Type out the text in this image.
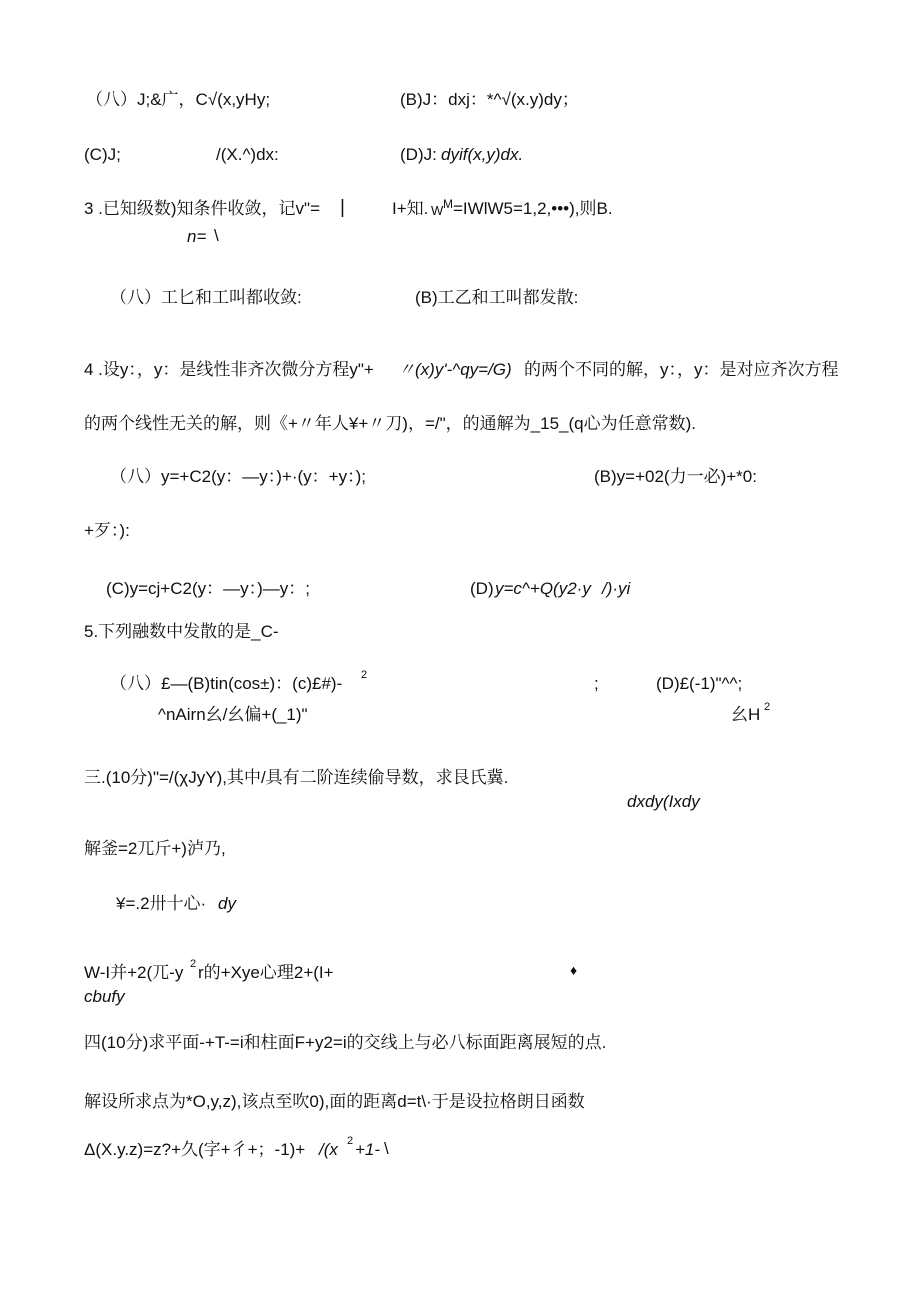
（八）J;&广，C√(x,yHy;	(B)J：dxj：*^√(x.y)dy；
(C)J;	/(X.^)dx:	(D)J: dyif(x,y)dx.
3 .已知级数)知条件收敛，记v"= |	I+知. W M =IWlW5=1,2,•••),则B.
n= \
（八）工匕和工叫都收敛:	(B)工乙和工叫都发散:
4 .设y：，y：是线性非齐次微分方程y"+ 〃(x)y'-^qy=/G) 的两个不同的解，y：，y：是对应齐次方程
的两个线性无关的解，则《+〃年人¥+〃刀)，=/"，的通解为_15_(q心为任意常数).
（八）y=+C2(y：—y：)+·(y：+y：);	(B)y=+02(力一必)+*0:
+歹：):
(C)y=cj+C2(y：—y：)—y：;	(D) y=c^+Q(y2·y /)·yi
5.下列融数中发散的是_C-
（八）£—(B)tin(cos±)：(c)£#)- 2	;	(D)£(-1)"^^;
^nAirn幺/幺偏+(_1)"	幺H 2
三.(10分)"=/(χJyY),其中/具有二阶连续偷导数，求艮氏冀.
dxdy(Ixdy
解釜=2兀斤+)泸乃,
¥=.2卅十心· dy
W-I并+2(兀-y 2 r的+Xye心理2+(I+	♦
cbufy
四(10分)求平面-+T-=i和柱面F+y2=i的交线上与必八标面距离展短的点.
解设所求点为*O,y,z),该点至吹0),面的距离d=t\·于是设拉格朗日函数
Δ(X.y.z)=z?+久(字+彳+；-1)+ /(x 2 +1- \
